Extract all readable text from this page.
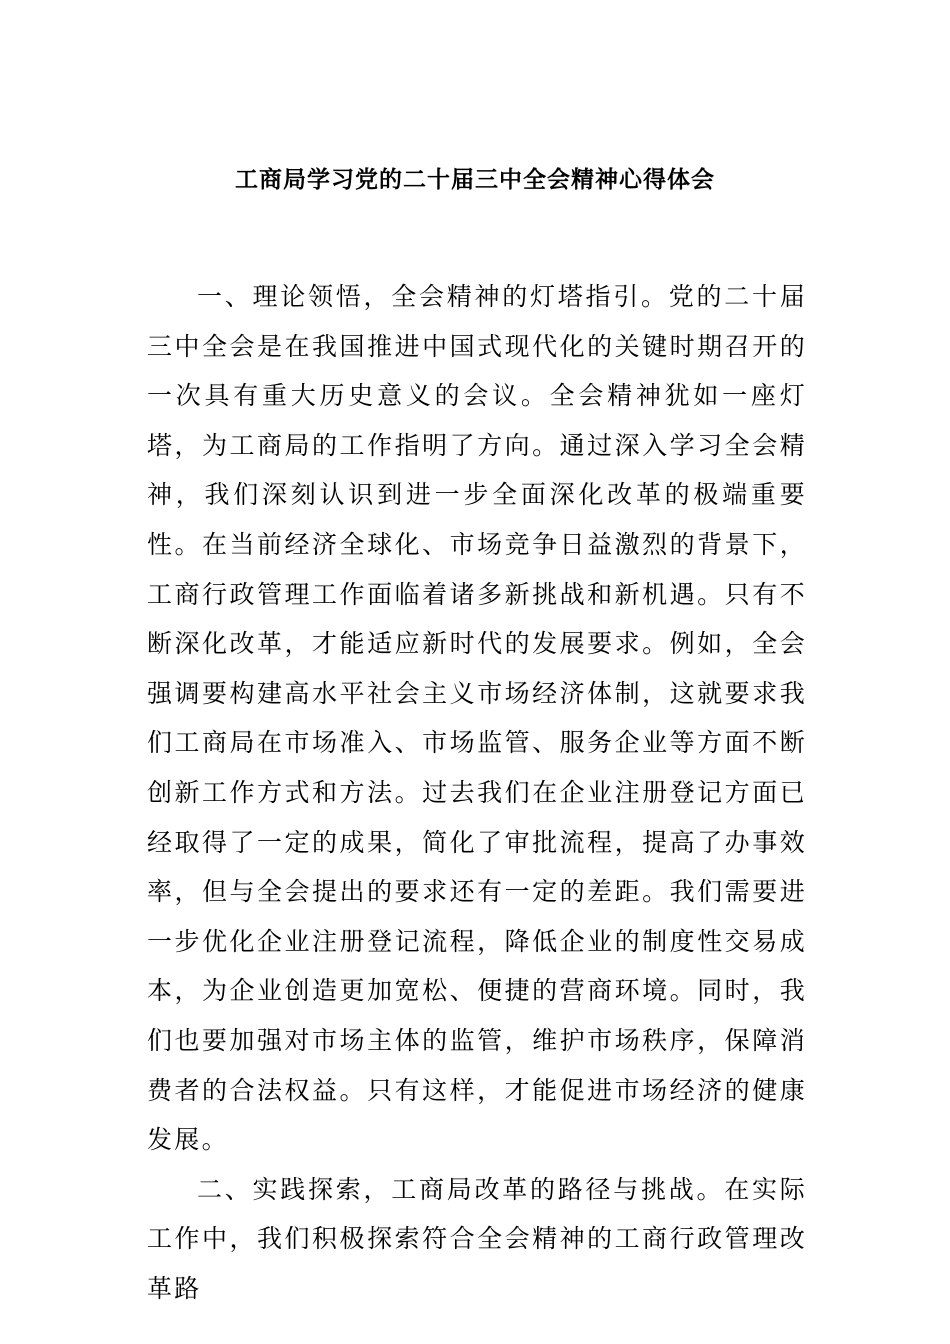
工商局学习党的二十届三中全会精神心得体会

一、理论领悟，全会精神的灯塔指引。党的二十届三中全会是在我国推进中国式现代化的关键时期召开的一次具有重大历史意义的会议。全会精神犹如一座灯塔，为工商局的工作指明了方向。通过深入学习全会精神，我们深刻认识到进一步全面深化改革的极端重要性。在当前经济全球化、市场竞争日益激烈的背景下，工商行政管理工作面临着诸多新挑战和新机遇。只有不断深化改革，才能适应新时代的发展要求。例如，全会强调要构建高水平社会主义市场经济体制，这就要求我们工商局在市场准入、市场监管、服务企业等方面不断创新工作方式和方法。过去我们在企业注册登记方面已经取得了一定的成果，简化了审批流程，提高了办事效率，但与全会提出的要求还有一定的差距。我们需要进一步优化企业注册登记流程，降低企业的制度性交易成本，为企业创造更加宽松、便捷的营商环境。同时，我们也要加强对市场主体的监管，维护市场秩序，保障消费者的合法权益。只有这样，才能促进市场经济的健康发展。

二、实践探索，工商局改革的路径与挑战。在实际工作中，我们积极探索符合全会精神的工商行政管理改革路
